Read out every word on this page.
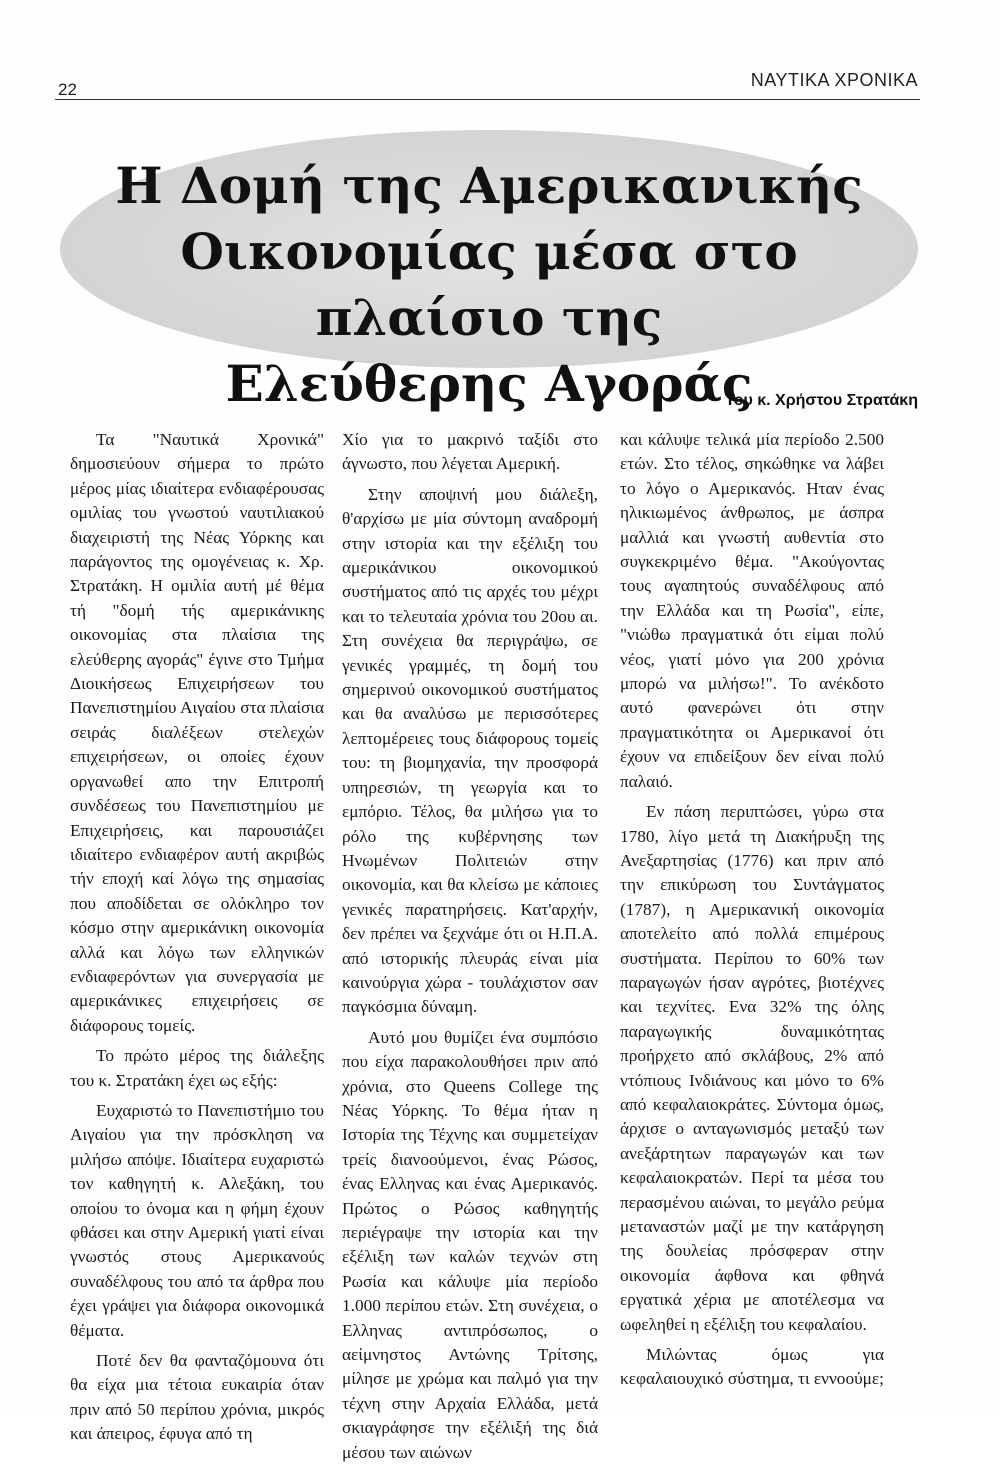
22	ΝΑΥΤΙΚΑ ΧΡΟΝΙΚΑ
Η Δομή της Αμερικανικής
Οικονομίας μέσα στο πλαίσιο της
Ελεύθερης Αγοράς
Του κ. Χρήστου Στρατάκη

Τα "Ναυτικά Χρονικά" δημοσιεύουν σήμερα το πρώτο μέρος μίας ιδιαίτερα ενδιαφέρουσας ομιλίας του γνωστού ναυτιλιακού διαχειριστή της Νέας Υόρκης και παράγοντος της ομογένειας κ. Χρ. Στρατάκη. Η ομιλία αυτή μέ θέμα τή "δομή τής αμερικάνικης οικονομίας στα πλαίσια της ελεύθερης αγοράς" έγινε στο Τμήμα Διοικήσεως Επιχειρήσεων του Πανεπιστημίου Αιγαίου στα πλαίσια σειράς διαλέξεων στελεχών επιχειρήσεων, οι οποίες έχουν οργανωθεί απο την Επιτροπή συνδέσεως του Πανεπιστημίου με Επιχειρήσεις, και παρουσιάζει ιδιαίτερο ενδιαφέρον αυτή ακριβώς τήν εποχή καί λόγω της σημασίας που αποδίδεται σε ολόκληρο τον κόσμο στην αμερικάνικη οικονομία αλλά και λόγω των ελληνικών ενδιαφερόντων για συνεργασία με αμερικάνικες επιχειρήσεις σε διάφορους τομείς.

Το πρώτο μέρος της διάλεξης του κ. Στρατάκη έχει ως εξής:

Ευχαριστώ το Πανεπιστήμιο του Αιγαίου για την πρόσκληση να μιλήσω απόψε. Ιδιαίτερα ευχαριστώ τον καθηγητή κ. Αλεξάκη, του οποίου το όνομα και η φήμη έχουν φθάσει και στην Αμερική γιατί είναι γνωστός στους Αμερικανούς συναδέλφους του από τα άρθρα που έχει γράψει για διάφορα οικονομικά θέματα.

Ποτέ δεν θα φανταζόμουνα ότι θα είχα μια τέτοια ευκαιρία όταν πριν από 50 περίπου χρόνια, μικρός και άπειρος, έφυγα από τη

Χίο για το μακρινό ταξίδι στο άγνωστο, που λέγεται Αμερική.

Στην αποψινή μου διάλεξη, θ'αρχίσω με μία σύντομη αναδρομή στην ιστορία και την εξέλιξη του αμερικάνικου οικονομικού συστήματος από τις αρχές του μέχρι και το τελευταία χρόνια του 20ου αι. Στη συνέχεια θα περιγράψω, σε γενικές γραμμές, τη δομή του σημερινού οικονομικού συστήματος και θα αναλύσω με περισσότερες λεπτομέρειες τους διάφορους τομείς του: τη βιομηχανία, την προσφορά υπηρεσιών, τη γεωργία και το εμπόριο. Τέλος, θα μιλήσω για το ρόλο της κυβέρνησης των Ηνωμένων Πολιτειών στην οικονομία, και θα κλείσω με κάποιες γενικές παρατηρήσεις. Κατ'αρχήν, δεν πρέπει να ξεχνάμε ότι οι Η.Π.Α. από ιστορικής πλευράς είναι μία καινούργια χώρα - τουλάχιστον σαν παγκόσμια δύναμη.

Αυτό μου θυμίζει ένα συμπόσιο που είχα παρακολουθήσει πριν από χρόνια, στο Queens College της Νέας Υόρκης. Το θέμα ήταν η Ιστορία της Τέχνης και συμμετείχαν τρείς διανοούμενοι, ένας Ρώσος, ένας Ελληνας και ένας Αμερικανός. Πρώτος ο Ρώσος καθηγητής περιέγραψε την ιστορία και την εξέλιξη των καλών τεχνών στη Ρωσία και κάλυψε μία περίοδο 1.000 περίπου ετών. Στη συνέχεια, ο Ελληνας αντιπρόσωπος, ο αείμνηστος Αντώνης Τρίτσης, μίλησε με χρώμα και παλμό για την τέχνη στην Αρχαία Ελλάδα, μετά σκιαγράφησε την εξέλιξή της διά μέσου των αιώνων

και κάλυψε τελικά μία περίοδο 2.500 ετών. Στο τέλος, σηκώθηκε να λάβει το λόγο ο Αμερικανός. Ηταν ένας ηλικιωμένος άνθρωπος, με άσπρα μαλλιά και γνωστή αυθεντία στο συγκεκριμένο θέμα. "Ακούγοντας τους αγαπητούς συναδέλφους από την Ελλάδα και τη Ρωσία", είπε, "νιώθω πραγματικά ότι είμαι πολύ νέος, γιατί μόνο για 200 χρόνια μπορώ να μιλήσω!". Το ανέκδοτο αυτό φανερώνει ότι στην πραγματικότητα οι Αμερικανοί ότι έχουν να επιδείξουν δεν είναι πολύ παλαιό.

Εν πάση περιπτώσει, γύρω στα 1780, λίγο μετά τη Διακήρυξη της Ανεξαρτησίας (1776) και πριν από την επικύρωση του Συντάγματος (1787), η Αμερικανική οικονομία αποτελείτο από πολλά επιμέρους συστήματα. Περίπου το 60% των παραγωγών ήσαν αγρότες, βιοτέχνες και τεχνίτες. Ενα 32% της όλης παραγωγικής δυναμικότητας προήρχετο από σκλάβους, 2% από ντόπιους Ινδιάνους και μόνο το 6% από κεφαλαιοκράτες. Σύντομα όμως, άρχισε ο ανταγωνισμός μεταξύ των ανεξάρτητων παραγωγών και των κεφαλαιοκρατών. Περί τα μέσα του περασμένου αιώναι, το μεγάλο ρεύμα μεταναστών μαζί με την κατάργηση της δουλείας πρόσφεραν στην οικονομία άφθονα και φθηνά εργατικά χέρια με αποτέλεσμα να ωφεληθεί η εξέλιξη του κεφαλαίου.

Μιλώντας όμως για κεφαλαιουχικό σύστημα, τι εννοούμε;
